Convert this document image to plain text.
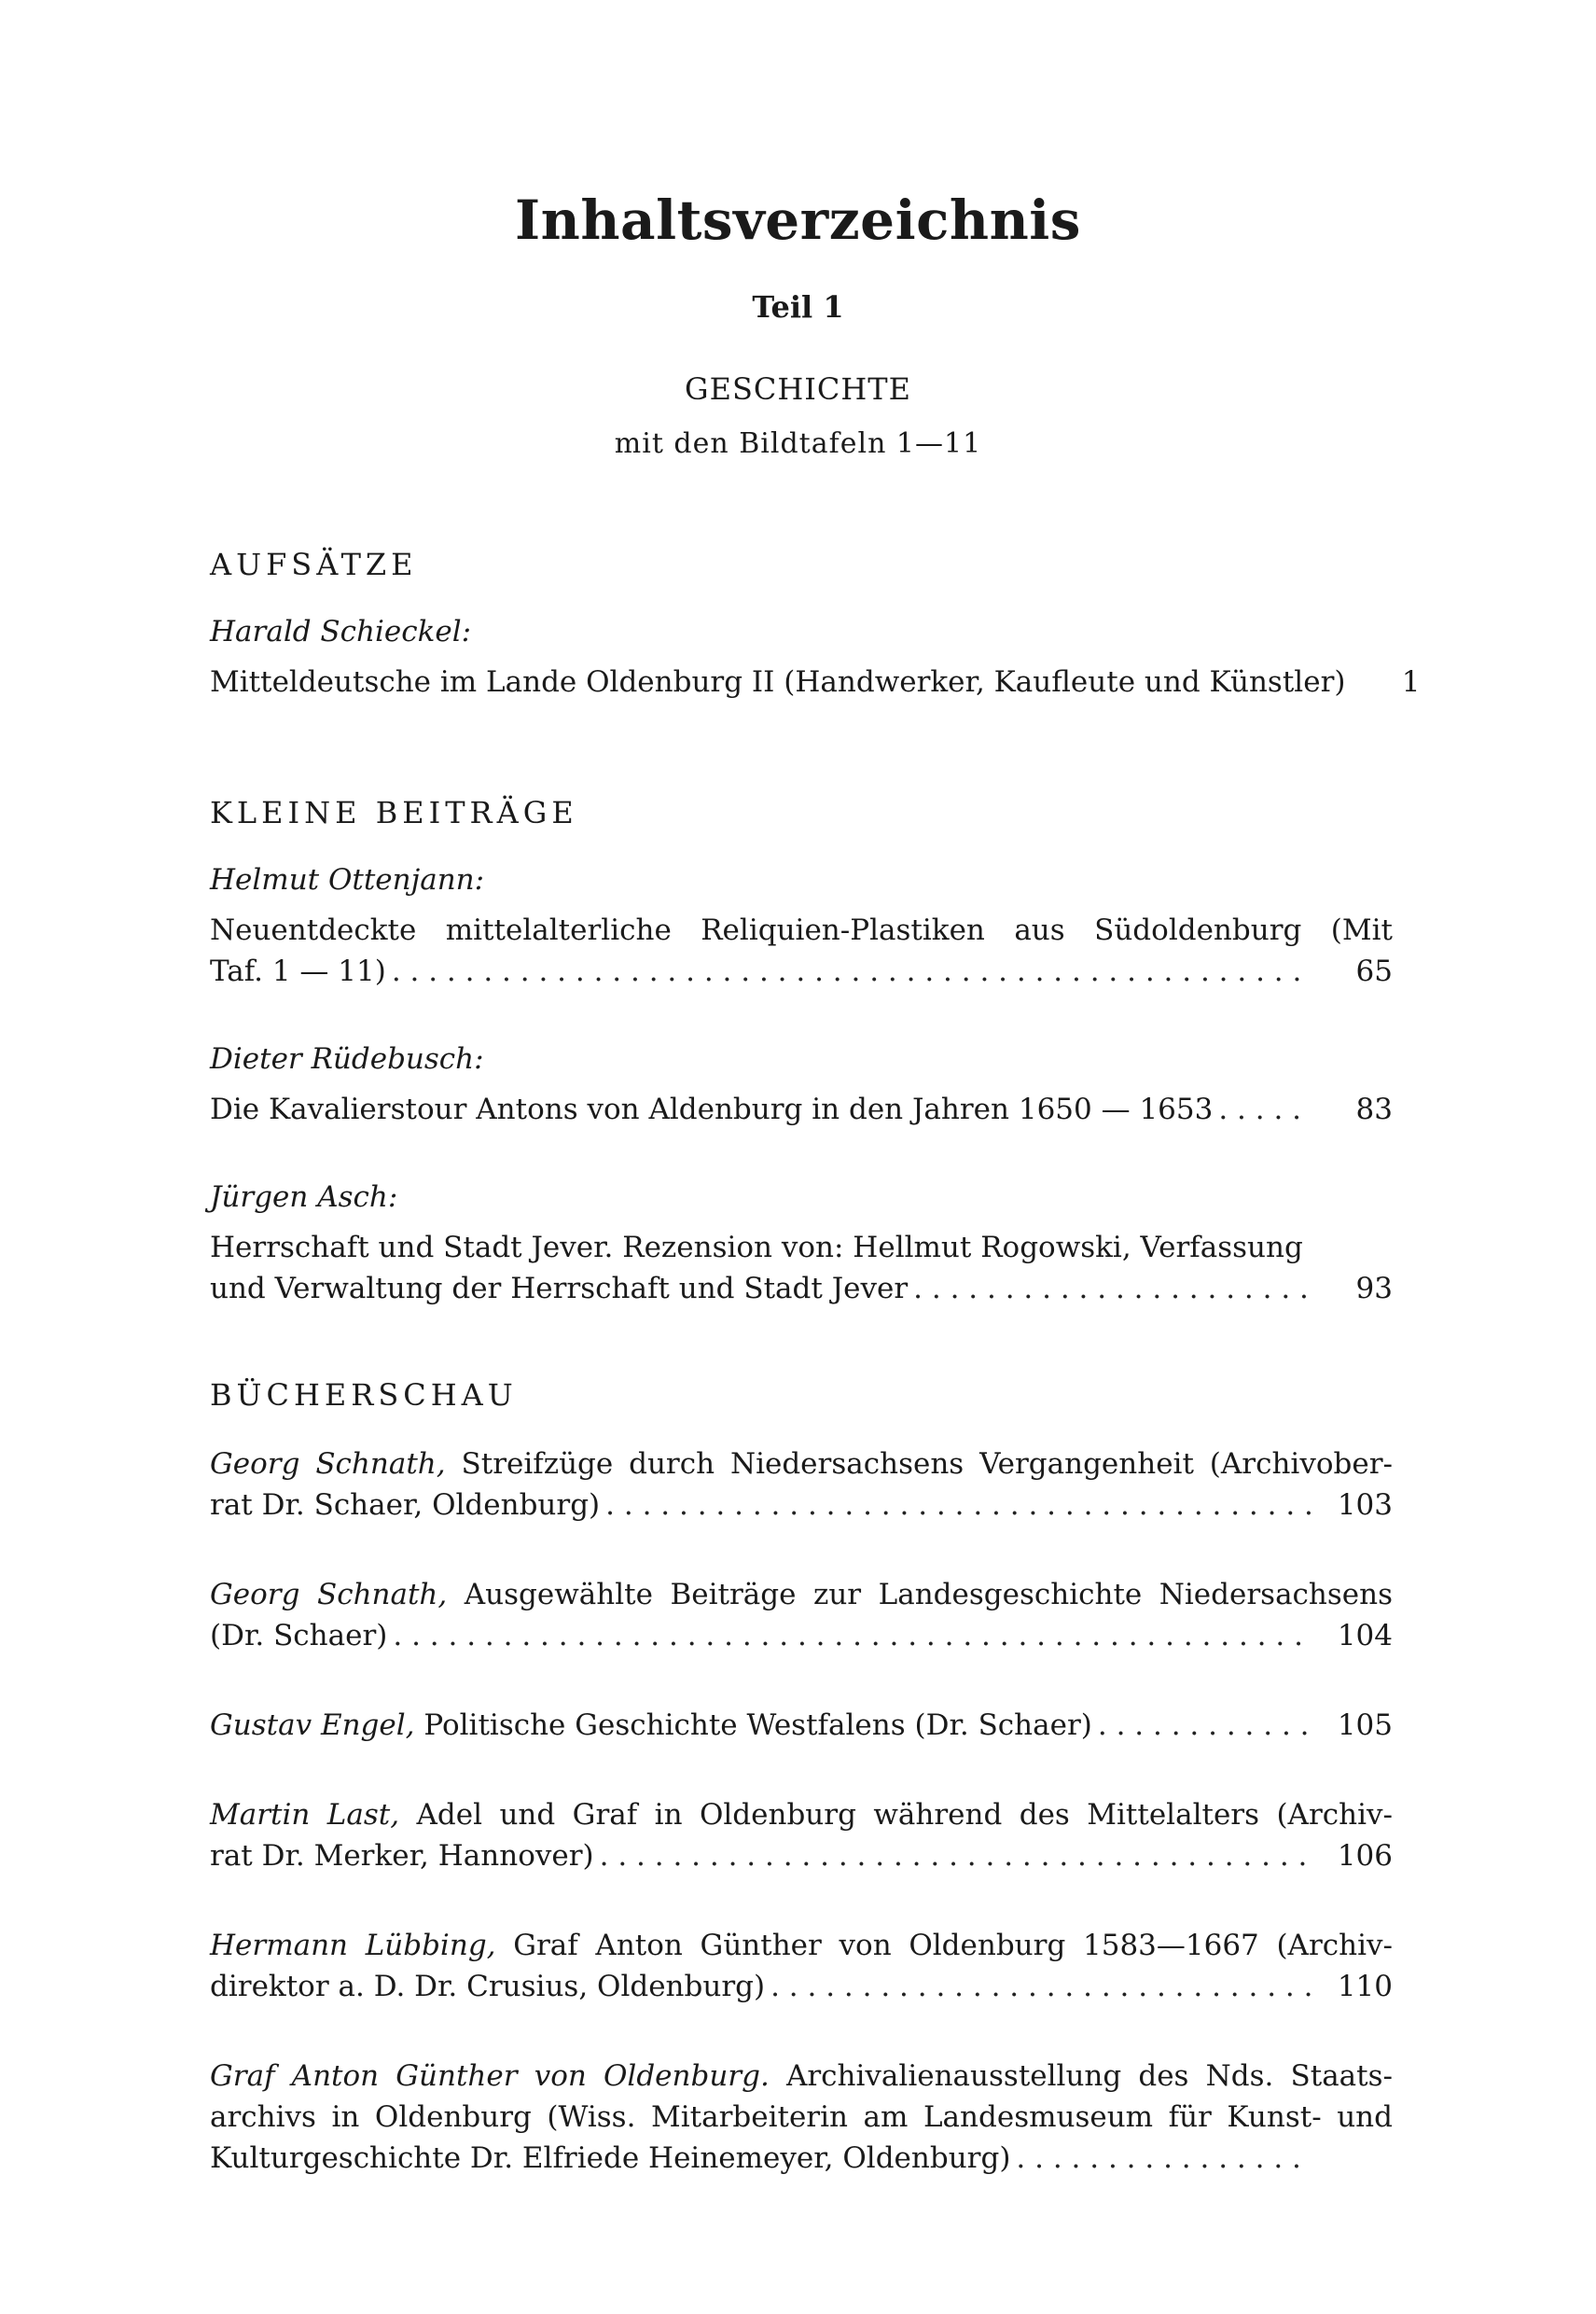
Inhaltsverzeichnis
Teil 1
GESCHICHTE
mit den Bildtafeln 1—11
AUFSÄTZE
Harald Schieckel:
Mitteldeutsche im Lande Oldenburg II (Handwerker, Kaufleute und Künstler)	1
KLEINE BEITRÄGE
Helmut Ottenjann:
Neuentdeckte mittelalterliche Reliquien-Plastiken aus Südoldenburg (Mit
Taf. 1 — 11) . . .	65
Dieter Rüdebusch:
Die Kavalierstour Antons von Aldenburg in den Jahren 1650 — 1653 . . .	83
Jürgen Asch:
Herrschaft und Stadt Jever. Rezension von: Hellmut Rogowski, Verfassung
und Verwaltung der Herrschaft und Stadt Jever . . .	93
BÜCHERSCHAU
Georg Schnath, Streifzüge durch Niedersachsens Vergangenheit (Archivober-
rat Dr. Schaer, Oldenburg) . . .	103
Georg Schnath, Ausgewählte Beiträge zur Landesgeschichte Niedersachsens
(Dr. Schaer) . . .	104
Gustav Engel, Politische Geschichte Westfalens (Dr. Schaer) . . .	105
Martin Last, Adel und Graf in Oldenburg während des Mittelalters (Archiv-
rat Dr. Merker, Hannover) . . .	106
Hermann Lübbing, Graf Anton Günther von Oldenburg 1583—1667 (Archiv-
direktor a. D. Dr. Crusius, Oldenburg) . . .	110
Graf Anton Günther von Oldenburg. Archivalienausstellung des Nds. Staats-
archivs in Oldenburg (Wiss. Mitarbeiterin am Landesmuseum für Kunst- und
Kulturgeschichte Dr. Elfriede Heinemeyer, Oldenburg)
. . .
